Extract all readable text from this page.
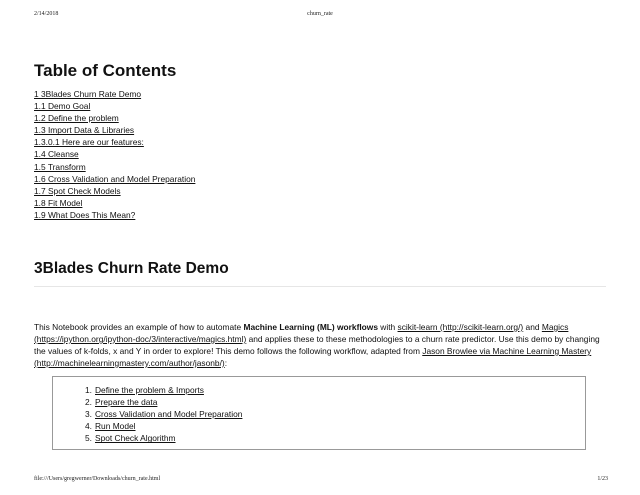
2/14/2018	churn_rate
Table of Contents
1 3Blades Churn Rate Demo
1.1 Demo Goal
1.2 Define the problem
1.3 Import Data & Libraries
1.3.0.1 Here are our features:
1.4 Cleanse
1.5 Transform
1.6 Cross Validation and Model Preparation
1.7 Spot Check Models
1.8 Fit Model
1.9 What Does This Mean?
3Blades Churn Rate Demo

This Notebook provides an example of how to automate Machine Learning (ML) workflows with scikit-learn (http://scikit-learn.org/) and Magics (https://ipython.org/ipython-doc/3/interactive/magics.html) and applies these to these methodologies to a churn rate predictor. Use this demo by changing the values of k-folds, x and Y in order to explore! This demo follows the following workflow, adapted from Jason Browlee via Machine Learning Mastery (http://machinelearningmastery.com/author/jasonb/):

1. Define the problem & Imports
2. Prepare the data
3. Cross Validation and Model Preparation
4. Run Model
5. Spot Check Algorithm
file:///Users/gregwerner/Downloads/churn_rate.html	1/23
